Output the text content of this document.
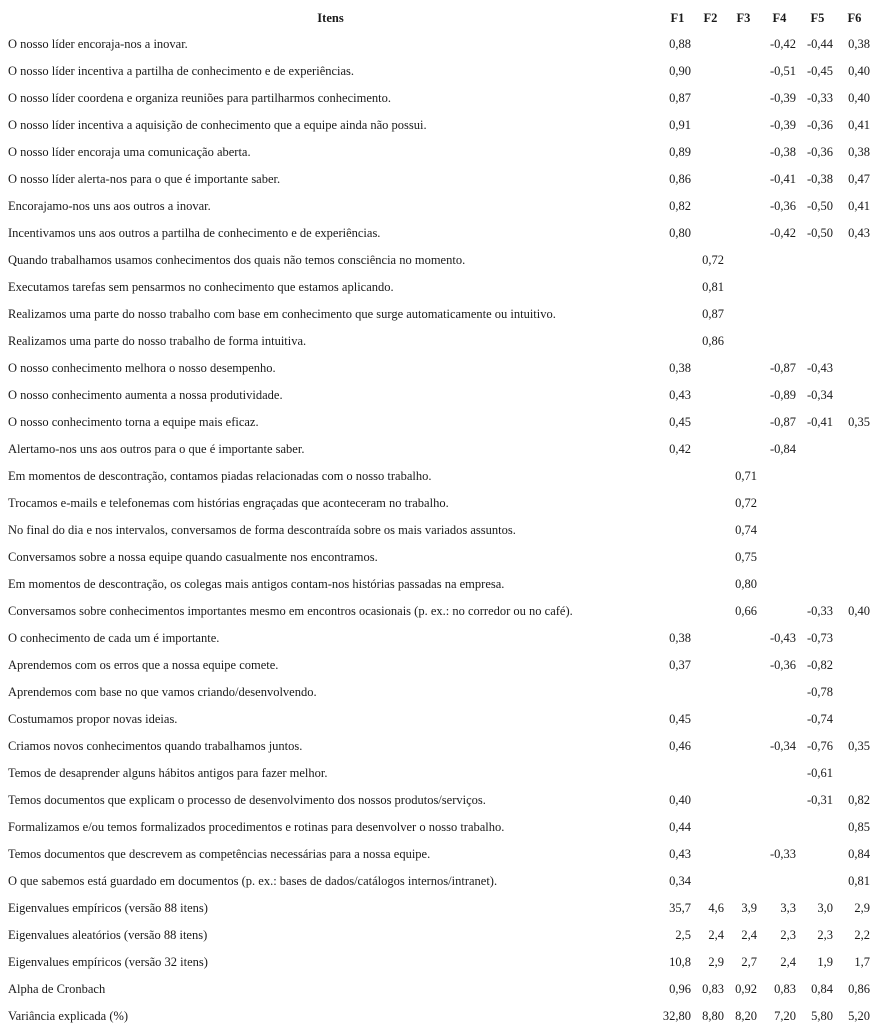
Itens	F1	F2	F3	F4	F5	F6
O nosso líder encoraja-nos a inovar.	0,88			-0,42	-0,44	0,38
O nosso líder incentiva a partilha de conhecimento e de experiências.	0,90			-0,51	-0,45	0,40
O nosso líder coordena e organiza reuniões para partilharmos conhecimento.	0,87			-0,39	-0,33	0,40
O nosso líder incentiva a aquisição de conhecimento que a equipe ainda não possui.	0,91			-0,39	-0,36	0,41
O nosso líder encoraja uma comunicação aberta.	0,89			-0,38	-0,36	0,38
O nosso líder alerta-nos para o que é importante saber.	0,86			-0,41	-0,38	0,47
Encorajamo-nos uns aos outros a inovar.	0,82			-0,36	-0,50	0,41
Incentivamos uns aos outros a partilha de conhecimento e de experiências.	0,80			-0,42	-0,50	0,43
Quando trabalhamos usamos conhecimentos dos quais não temos consciência no momento.		0,72				
Executamos tarefas sem pensarmos no conhecimento que estamos aplicando.		0,81				
Realizamos uma parte do nosso trabalho com base em conhecimento que surge automaticamente ou intuitivo.		0,87				
Realizamos uma parte do nosso trabalho de forma intuitiva.		0,86				
O nosso conhecimento melhora o nosso desempenho.	0,38			-0,87	-0,43	
O nosso conhecimento aumenta a nossa produtividade.	0,43			-0,89	-0,34	
O nosso conhecimento torna a equipe mais eficaz.	0,45			-0,87	-0,41	0,35
Alertamo-nos uns aos outros para o que é importante saber.	0,42			-0,84		
Em momentos de descontração, contamos piadas relacionadas com o nosso trabalho.			0,71			
Trocamos e-mails e telefonemas com histórias engraçadas que aconteceram no trabalho.			0,72			
No final do dia e nos intervalos, conversamos de forma descontraída sobre os mais variados assuntos.			0,74			
Conversamos sobre a nossa equipe quando casualmente nos encontramos.			0,75			
Em momentos de descontração, os colegas mais antigos contam-nos histórias passadas na empresa.			0,80			
Conversamos sobre conhecimentos importantes mesmo em encontros ocasionais (p. ex.: no corredor ou no café).			0,66		-0,33	0,40
O conhecimento de cada um é importante.	0,38			-0,43	-0,73	
Aprendemos com os erros que a nossa equipe comete.	0,37			-0,36	-0,82	
Aprendemos com base no que vamos criando/desenvolvendo.					-0,78	
Costumamos propor novas ideias.	0,45				-0,74	
Criamos novos conhecimentos quando trabalhamos juntos.	0,46			-0,34	-0,76	0,35
Temos de desaprender alguns hábitos antigos para fazer melhor.					-0,61	
Temos documentos que explicam o processo de desenvolvimento dos nossos produtos/serviços.	0,40				-0,31	0,82
Formalizamos e/ou temos formalizados procedimentos e rotinas para desenvolver o nosso trabalho.	0,44					0,85
Temos documentos que descrevem as competências necessárias para a nossa equipe.	0,43			-0,33		0,84
O que sabemos está guardado em documentos (p. ex.: bases de dados/catálogos internos/intranet).	0,34					0,81
Eigenvalues empíricos (versão 88 itens)	35,7	4,6	3,9	3,3	3,0	2,9
Eigenvalues aleatórios (versão 88 itens)	2,5	2,4	2,4	2,3	2,3	2,2
Eigenvalues empíricos (versão 32 itens)	10,8	2,9	2,7	2,4	1,9	1,7
Alpha de Cronbach	0,96	0,83	0,92	0,83	0,84	0,86
Variância explicada (%)	32,80	8,80	8,20	7,20	5,80	5,20
